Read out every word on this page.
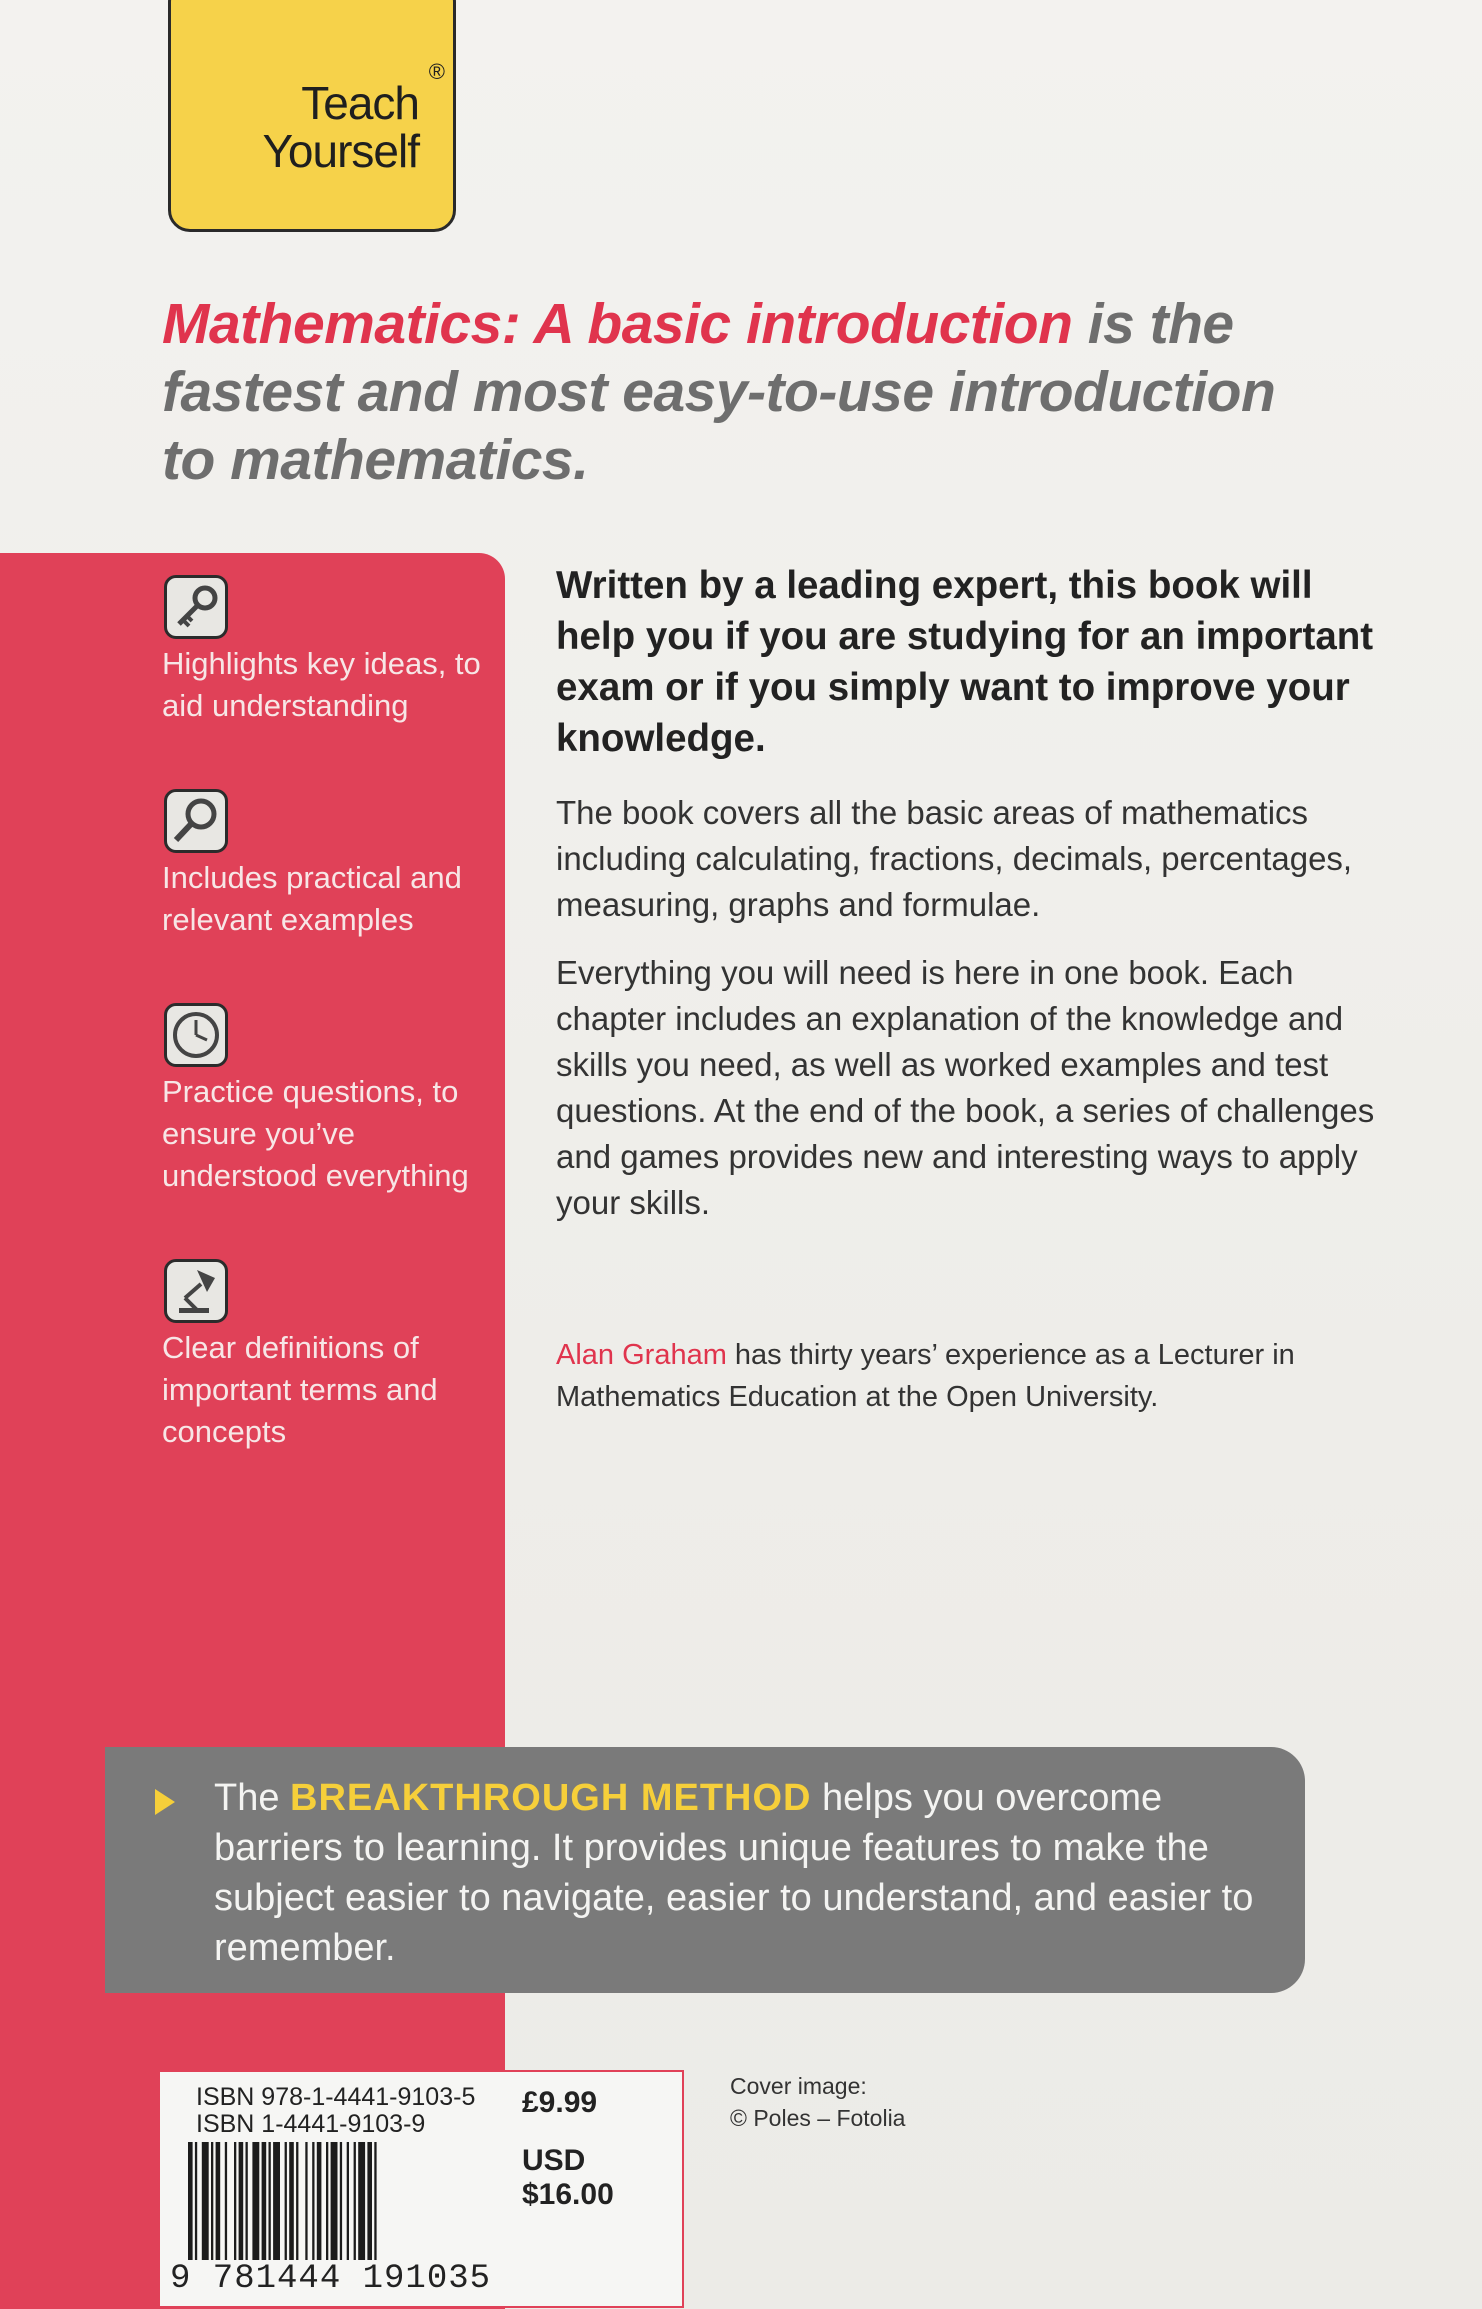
®
Teach
Yourself
Mathematics: A basic introduction is the fastest and most easy-to-use introduction to mathematics.
Highlights key ideas, to aid understanding
Includes practical and relevant examples
Practice questions, to ensure you’ve understood everything
Clear definitions of important terms and concepts
Written by a leading expert, this book will help you if you are studying for an important exam or if you simply want to improve your knowledge.
The book covers all the basic areas of mathematics including calculating, fractions, decimals, percentages, measuring, graphs and formulae.
Everything you will need is here in one book. Each chapter includes an explanation of the knowledge and skills you need, as well as worked examples and test questions. At the end of the book, a series of challenges and games provides new and interesting ways to apply your skills.
Alan Graham has thirty years’ experience as a Lecturer in Mathematics Education at the Open University.
The BREAKTHROUGH METHOD helps you overcome barriers to learning. It provides unique features to make the subject easier to navigate, easier to understand, and easier to remember.
ISBN 978-1-4441-9103-5
ISBN 1-4441-9103-9
£9.99
USD
$16.00
9 781444 191035
Cover image:
© Poles – Fotolia
